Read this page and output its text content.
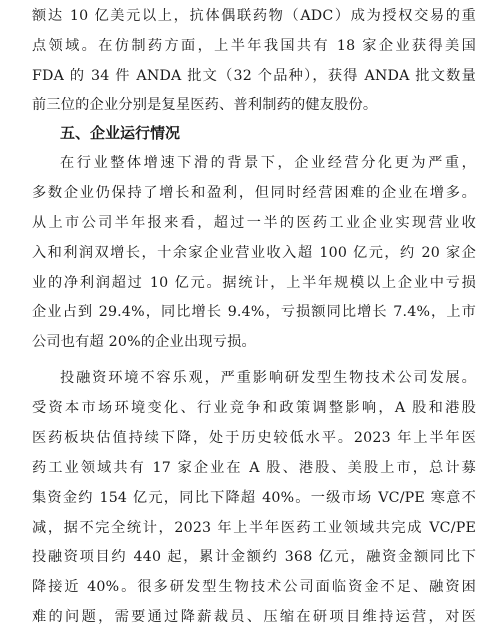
额达 10 亿美元以上，抗体偶联药物（ADC）成为授权交易的重
点领域。在仿制药方面，上半年我国共有 18 家企业获得美国
FDA 的 34 件 ANDA 批文（32 个品种），获得 ANDA 批文数量
前三位的企业分别是复星医药、普利制药的健友股份。
五、企业运行情况
在行业整体增速下滑的背景下，企业经营分化更为严重，
多数企业仍保持了增长和盈利，但同时经营困难的企业在增多。
从上市公司半年报来看，超过一半的医药工业企业实现营业收
入和利润双增长，十余家企业营业收入超 100 亿元，约 20 家企
业的净利润超过 10 亿元。据统计，上半年规模以上企业中亏损
企业占到 29.4%，同比增长 9.4%，亏损额同比增长 7.4%，上市
公司也有超 20%的企业出现亏损。
投融资环境不容乐观，严重影响研发型生物技术公司发展。
受资本市场环境变化、行业竞争和政策调整影响，A 股和港股
医药板块估值持续下降，处于历史较低水平。2023 年上半年医
药工业领域共有 17 家企业在 A 股、港股、美股上市，总计募
集资金约 154 亿元，同比下降超 40%。一级市场 VC/PE 寒意不
减，据不完全统计，2023 年上半年医药工业领域共完成 VC/PE
投融资项目约 440 起，累计金额约 368 亿元，融资金额同比下
降接近 40%。很多研发型生物技术公司面临资金不足、融资困
难的问题，需要通过降薪裁员、压缩在研项目维持运营，对医
